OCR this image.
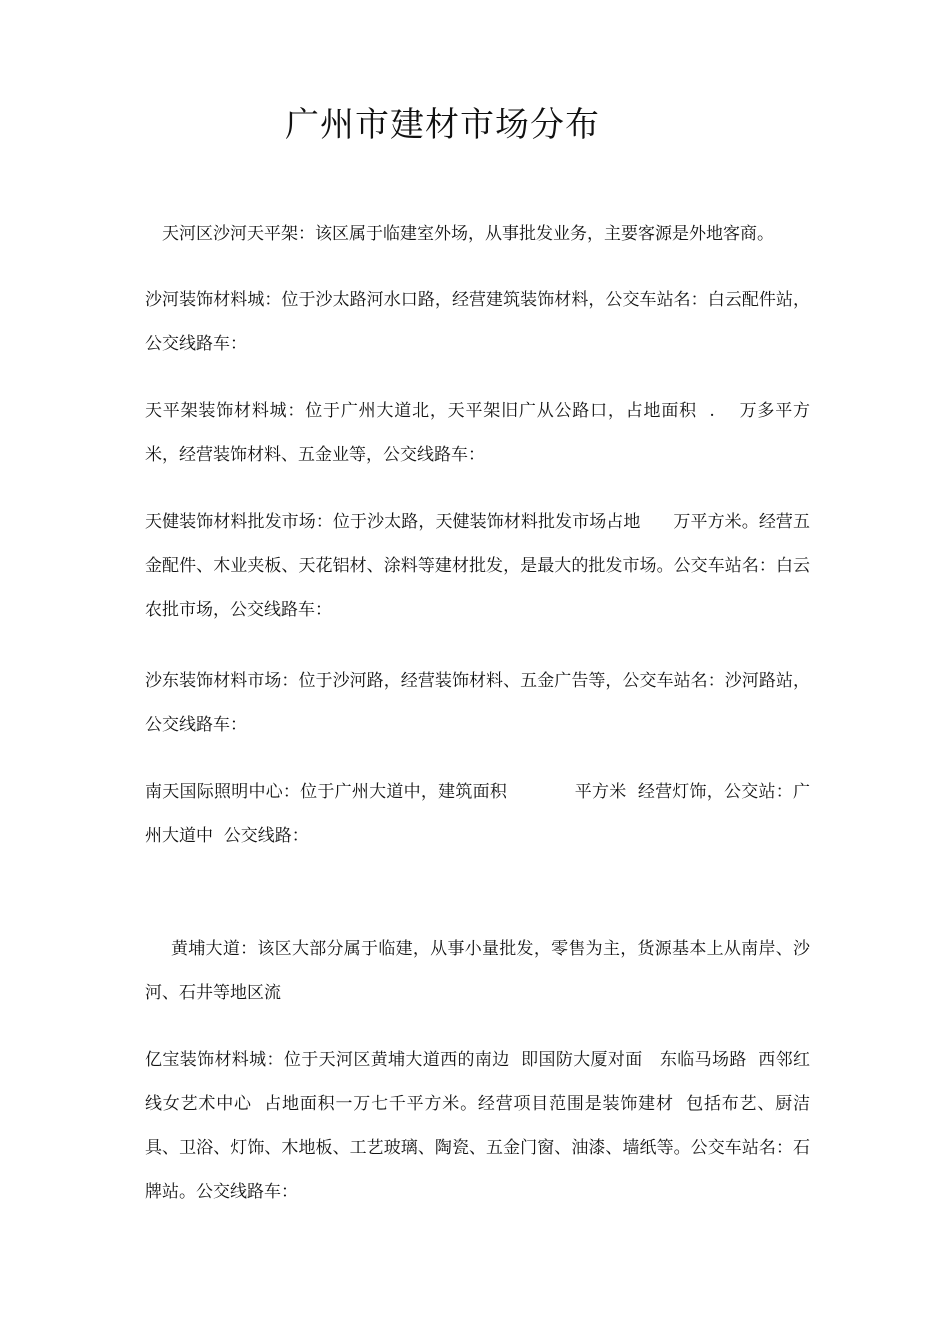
广州市建材市场分布

天河区沙河天平架：该区属于临建室外场，从事批发业务，主要客源是外地客商。

沙河装饰材料城：位于沙太路河水口路，经营建筑装饰材料，公交车站名：白云配件站，公交线路车：

天平架装饰材料城：位于广州大道北，天平架旧广从公路口，占地面积  .    万多平方米，经营装饰材料、五金业等，公交线路车：

天健装饰材料批发市场：位于沙太路，天健装饰材料批发市场占地      万平方米。经营五金配件、木业夹板、天花铝材、涂料等建材批发，是最大的批发市场。公交车站名：白云农批市场，公交线路车：

沙东装饰材料市场：位于沙河路，经营装饰材料、五金广告等，公交车站名：沙河路站，公交线路车：

南天国际照明中心：位于广州大道中，建筑面积            平方米  经营灯饰，公交站：广州大道中  公交线路：

黄埔大道：该区大部分属于临建，从事小量批发，零售为主，货源基本上从南岸、沙河、石井等地区流

亿宝装饰材料城：位于天河区黄埔大道西的南边  即国防大厦对面   东临马场路  西邻红线女艺术中心  占地面积一万七千平方米。经营项目范围是装饰建材  包括布艺、厨洁具、卫浴、灯饰、木地板、工艺玻璃、陶瓷、五金门窗、油漆、墙纸等。公交车站名：石牌站。公交线路车：
